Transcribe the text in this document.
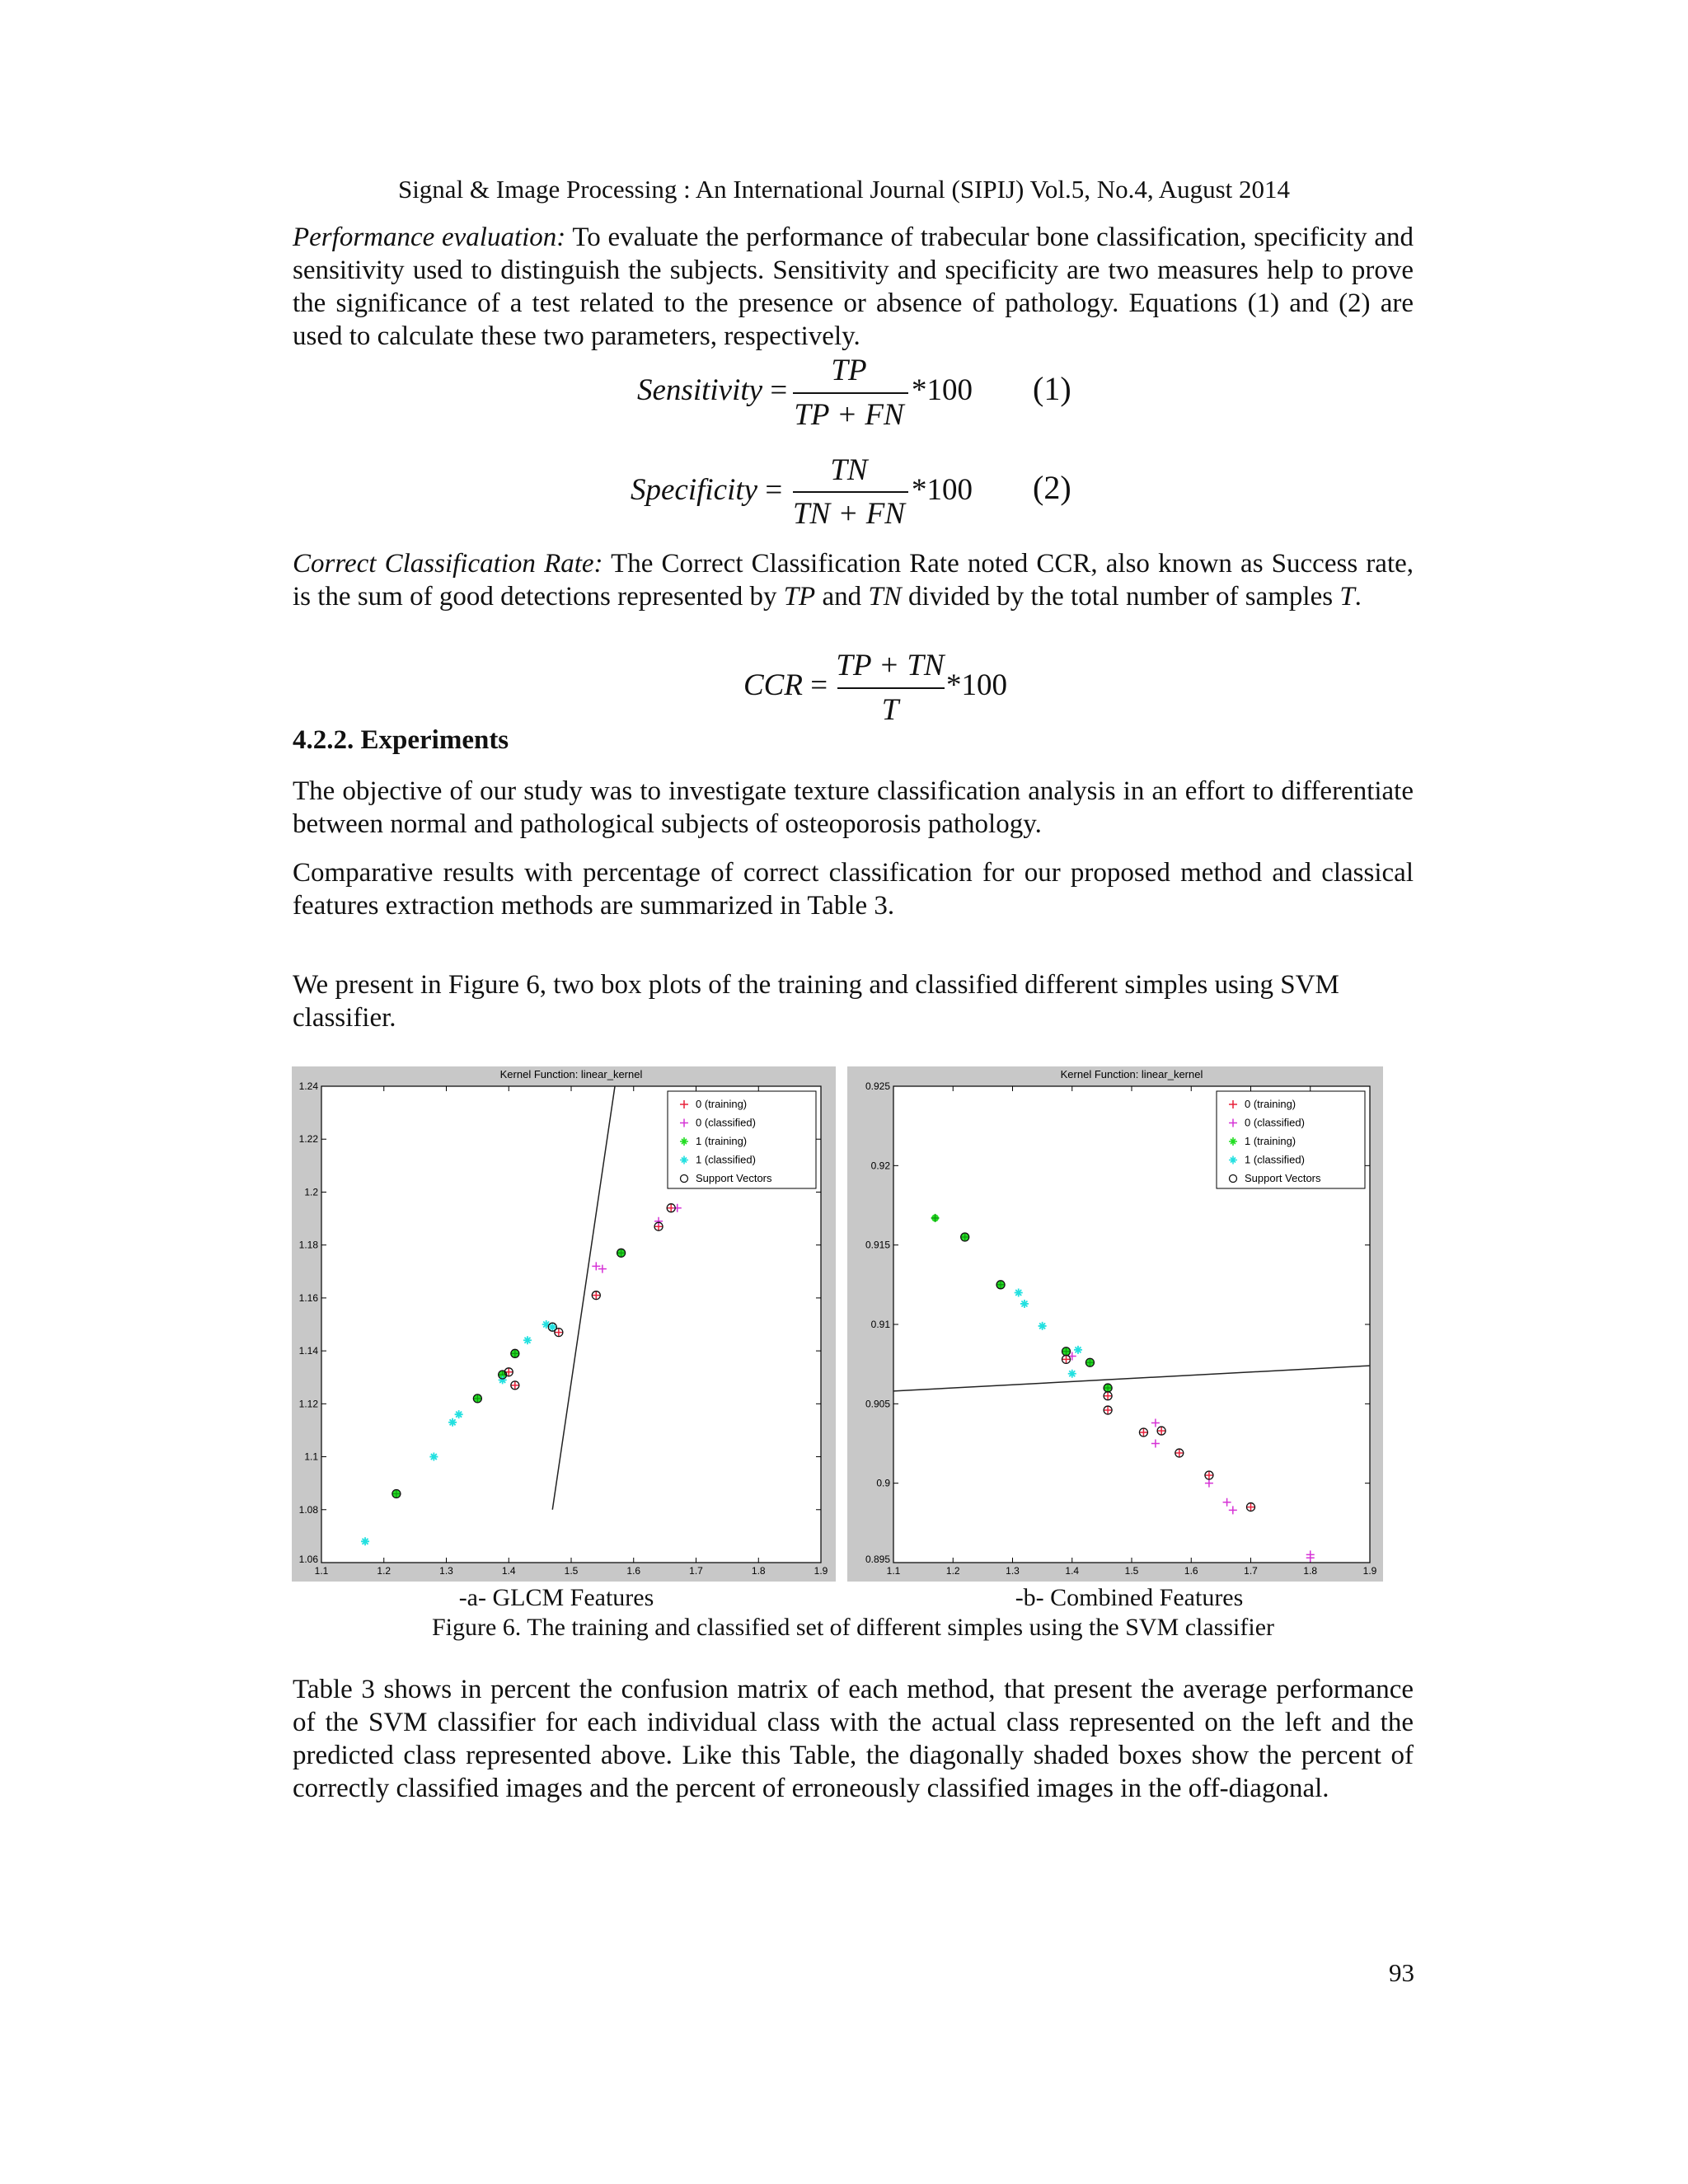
Signal & Image Processing : An International Journal (SIPIJ) Vol.5, No.4, August 2014

Performance evaluation: To evaluate the performance of trabecular bone classification, specificity and sensitivity used to distinguish the subjects. Sensitivity and specificity are two measures help to prove the significance of a test related to the presence or absence of pathology. Equations (1) and (2) are used to calculate these two parameters, respectively.

Sensitivity =
TP
TP + FN
*100 (1)
Specificity =
TN
TN + FN
*100 (2)

Correct Classification Rate: The Correct Classification Rate noted CCR, also known as Success rate, is the sum of good detections represented by TP and TN divided by the total number of samples T.

CCR =
TP + TN
T
*100
4.2.2. Experiments

The objective of our study was to investigate texture classification analysis in an effort to differentiate between normal and pathological subjects of osteoporosis pathology.

Comparative results with percentage of correct classification for our proposed method and classical features extraction methods are summarized in Table 3.

We present in Figure 6, two box plots of the training and classified different simples using SVM classifier.

Kernel Function: linear_kernel
1.1	1.2	1.3	1.4	1.5	1.6	1.7	1.8	1.9
1.06
1.08
1.1
1.12
1.14
1.16
1.18
1.2
1.22
1.24
0 (training)
0 (classified)
1 (training)
1 (classified)
Support Vectors
Kernel Function: linear_kernel
1.1	1.2	1.3	1.4	1.5	1.6	1.7	1.8	1.9
0.895
0.9
0.905
0.91
0.915
0.92
0.925
0 (training)
0 (classified)
1 (training)
1 (classified)
Support Vectors
-a- GLCM Features	-b- Combined Features
Figure 6. The training and classified set of different simples using the SVM classifier

Table 3 shows in percent the confusion matrix of each method, that present the average performance of the SVM classifier for each individual class with the actual class represented on the left and the predicted class represented above. Like this Table, the diagonally shaded boxes show the percent of correctly classified images and the percent of erroneously classified images in the off-diagonal.

93
